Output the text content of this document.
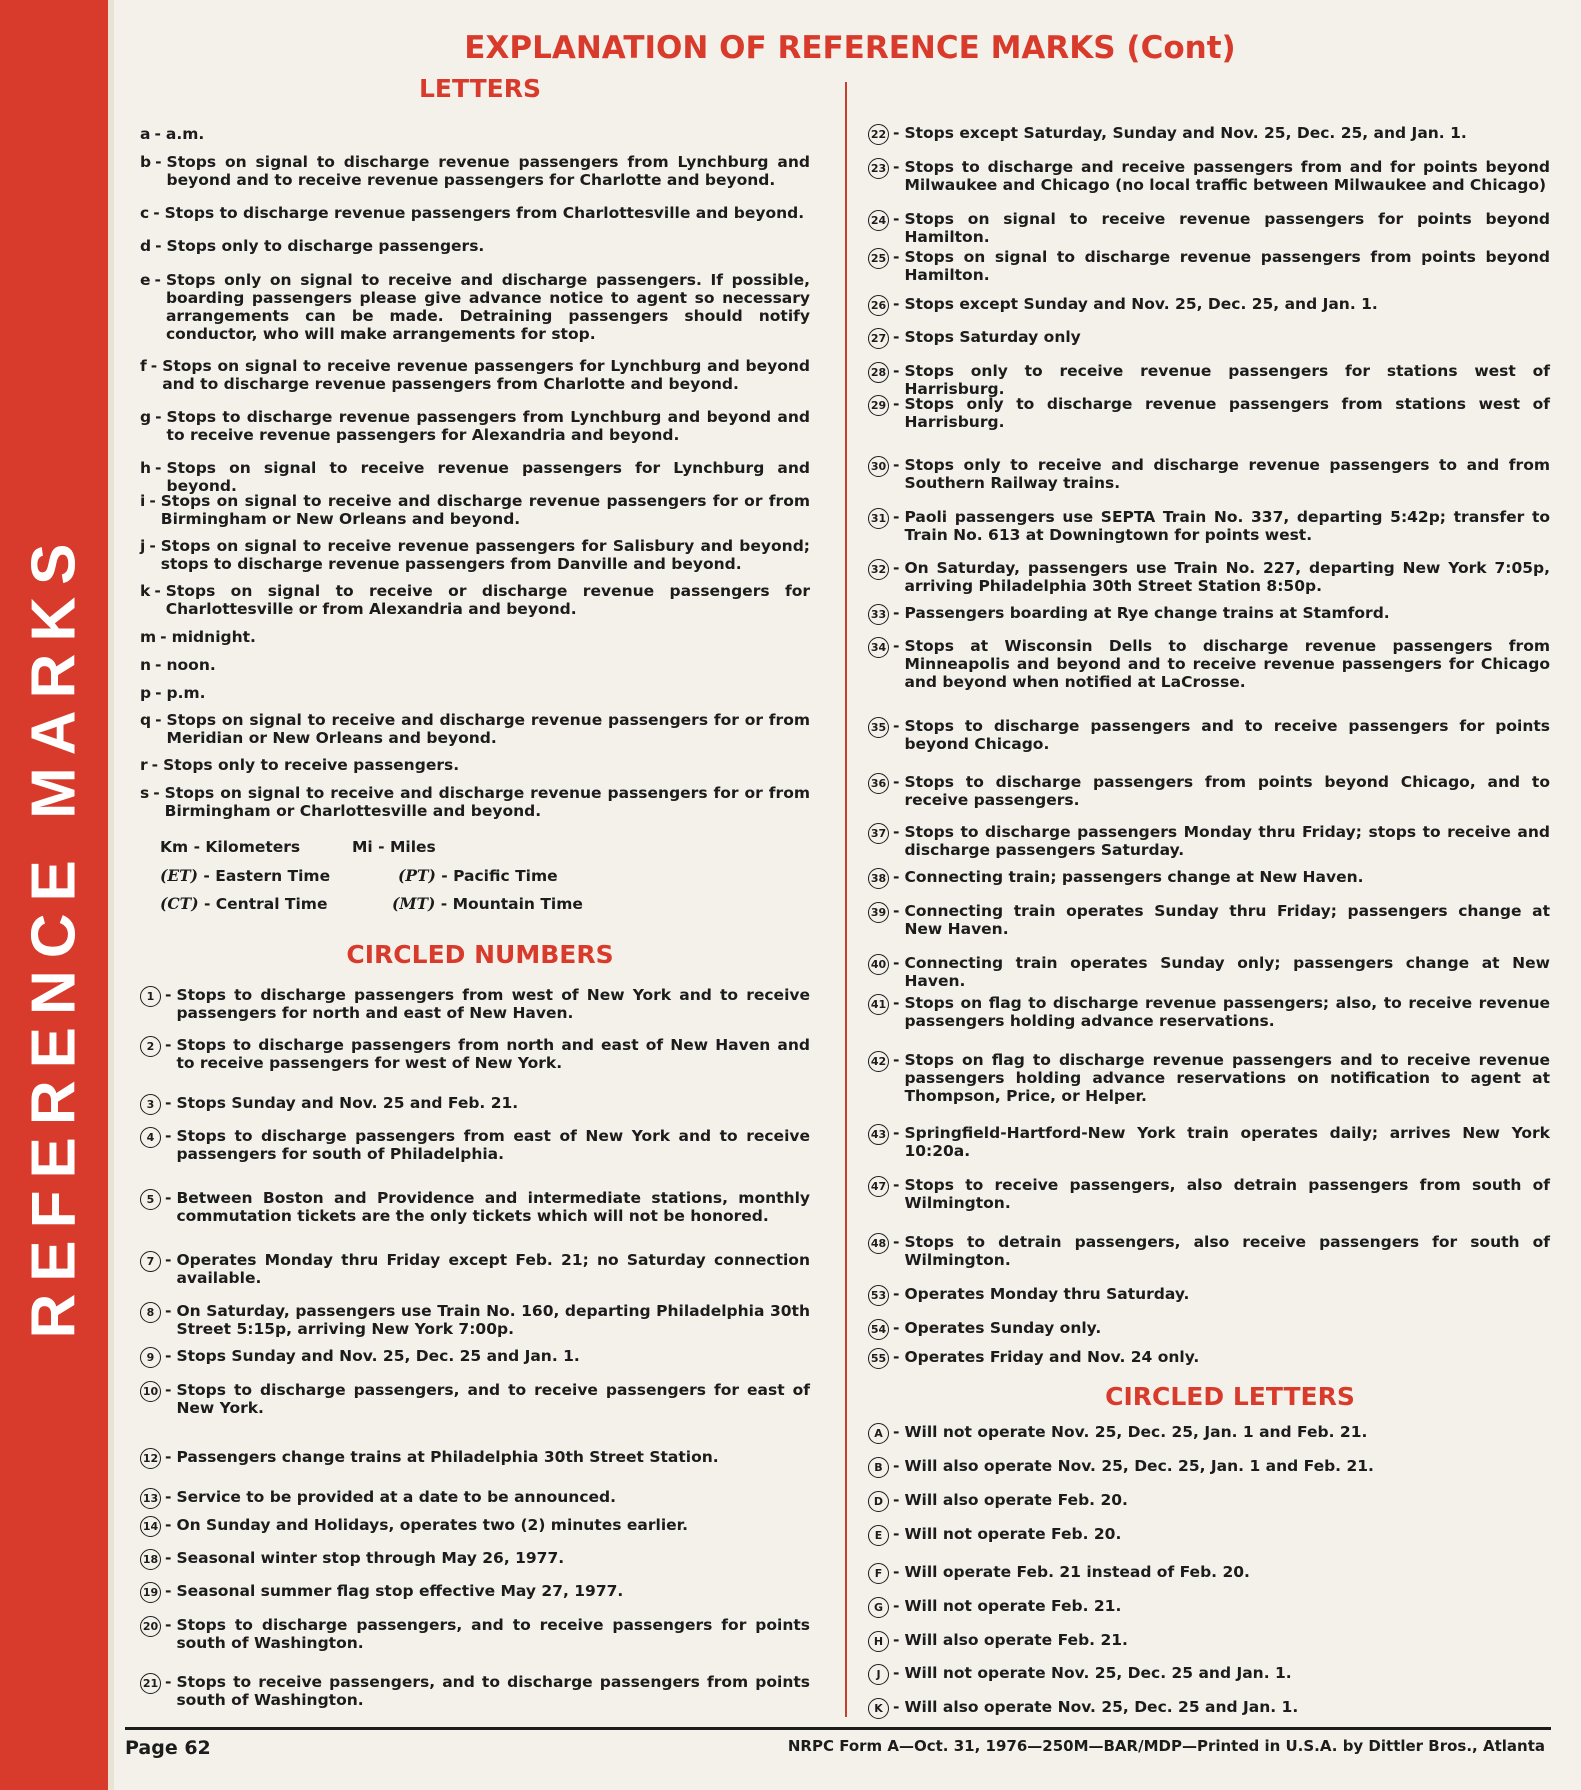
REFERENCE MARKS
EXPLANATION OF REFERENCE MARKS (Cont)
LETTERS
CIRCLED NUMBERS
CIRCLED LETTERS
a - a.m.
b - Stops on signal to discharge revenue passengers from Lynchburg and beyond and to receive revenue passengers for Charlotte and beyond.
c - Stops to discharge revenue passengers from Charlottesville and beyond.
d - Stops only to discharge passengers.
e - Stops only on signal to receive and discharge passengers. If possible, boarding passengers please give advance notice to agent so necessary arrangements can be made. Detraining passengers should notify conductor, who will make arrangements for stop.
f - Stops on signal to receive revenue passengers for Lynchburg and beyond and to discharge revenue passengers from Charlotte and beyond.
g - Stops to discharge revenue passengers from Lynchburg and beyond and to receive revenue passengers for Alexandria and beyond.
h - Stops on signal to receive revenue passengers for Lynchburg and beyond.
i - Stops on signal to receive and discharge revenue passengers for or from Birmingham or New Orleans and beyond.
j - Stops on signal to receive revenue passengers for Salisbury and beyond; stops to discharge revenue passengers from Danville and beyond.
k - Stops on signal to receive or discharge revenue passengers for Charlottesville or from Alexandria and beyond.
m - midnight.
n - noon.
p - p.m.
q - Stops on signal to receive and discharge revenue passengers for or from Meridian or New Orleans and beyond.
r - Stops only to receive passengers.
s - Stops on signal to receive and discharge revenue passengers for or from Birmingham or Charlottesville and beyond.
Km - Kilometers	Mi - Miles
(ET) - Eastern Time	(PT) - Pacific Time
(CT) - Central Time	(MT) - Mountain Time
1 - Stops to discharge passengers from west of New York and to receive passengers for north and east of New Haven.
2 - Stops to discharge passengers from north and east of New Haven and to receive passengers for west of New York.
3 - Stops Sunday and Nov. 25 and Feb. 21.
4 - Stops to discharge passengers from east of New York and to receive passengers for south of Philadelphia.
5 - Between Boston and Providence and intermediate stations, monthly commutation tickets are the only tickets which will not be honored.
7 - Operates Monday thru Friday except Feb. 21; no Saturday connection available.
8 - On Saturday, passengers use Train No. 160, departing Philadelphia 30th Street 5:15p, arriving New York 7:00p.
9 - Stops Sunday and Nov. 25, Dec. 25 and Jan. 1.
10 - Stops to discharge passengers, and to receive passengers for east of New York.
12 - Passengers change trains at Philadelphia 30th Street Station.
13 - Service to be provided at a date to be announced.
14 - On Sunday and Holidays, operates two (2) minutes earlier.
18 - Seasonal winter stop through May 26, 1977.
19 - Seasonal summer flag stop effective May 27, 1977.
20 - Stops to discharge passengers, and to receive passengers for points south of Washington.
21 - Stops to receive passengers, and to discharge passengers from points south of Washington.
22 - Stops except Saturday, Sunday and Nov. 25, Dec. 25, and Jan. 1.
23 - Stops to discharge and receive passengers from and for points beyond Milwaukee and Chicago (no local traffic between Milwaukee and Chicago)
24 - Stops on signal to receive revenue passengers for points beyond Hamilton.
25 - Stops on signal to discharge revenue passengers from points beyond Hamilton.
26 - Stops except Sunday and Nov. 25, Dec. 25, and Jan. 1.
27 - Stops Saturday only
28 - Stops only to receive revenue passengers for stations west of Harrisburg.
29 - Stops only to discharge revenue passengers from stations west of Harrisburg.
30 - Stops only to receive and discharge revenue passengers to and from Southern Railway trains.
31 - Paoli passengers use SEPTA Train No. 337, departing 5:42p; transfer to Train No. 613 at Downingtown for points west.
32 - On Saturday, passengers use Train No. 227, departing New York 7:05p, arriving Philadelphia 30th Street Station 8:50p.
33 - Passengers boarding at Rye change trains at Stamford.
34 - Stops at Wisconsin Dells to discharge revenue passengers from Minneapolis and beyond and to receive revenue passengers for Chicago and beyond when notified at LaCrosse.
35 - Stops to discharge passengers and to receive passengers for points beyond Chicago.
36 - Stops to discharge passengers from points beyond Chicago, and to receive passengers.
37 - Stops to discharge passengers Monday thru Friday; stops to receive and discharge passengers Saturday.
38 - Connecting train; passengers change at New Haven.
39 - Connecting train operates Sunday thru Friday; passengers change at New Haven.
40 - Connecting train operates Sunday only; passengers change at New Haven.
41 - Stops on flag to discharge revenue passengers; also, to receive revenue passengers holding advance reservations.
42 - Stops on flag to discharge revenue passengers and to receive revenue passengers holding advance reservations on notification to agent at Thompson, Price, or Helper.
43 - Springfield-Hartford-New York train operates daily; arrives New York 10:20a.
47 - Stops to receive passengers, also detrain passengers from south of Wilmington.
48 - Stops to detrain passengers, also receive passengers for south of Wilmington.
53 - Operates Monday thru Saturday.
54 - Operates Sunday only.
55 - Operates Friday and Nov. 24 only.
A - Will not operate Nov. 25, Dec. 25, Jan. 1 and Feb. 21.
B - Will also operate Nov. 25, Dec. 25, Jan. 1 and Feb. 21.
D - Will also operate Feb. 20.
E - Will not operate Feb. 20.
F - Will operate Feb. 21 instead of Feb. 20.
G - Will not operate Feb. 21.
H - Will also operate Feb. 21.
J - Will not operate Nov. 25, Dec. 25 and Jan. 1.
K - Will also operate Nov. 25, Dec. 25 and Jan. 1.
Page 62	NRPC Form A—Oct. 31, 1976—250M—BAR/MDP—Printed in U.S.A. by Dittler Bros., Atlanta
